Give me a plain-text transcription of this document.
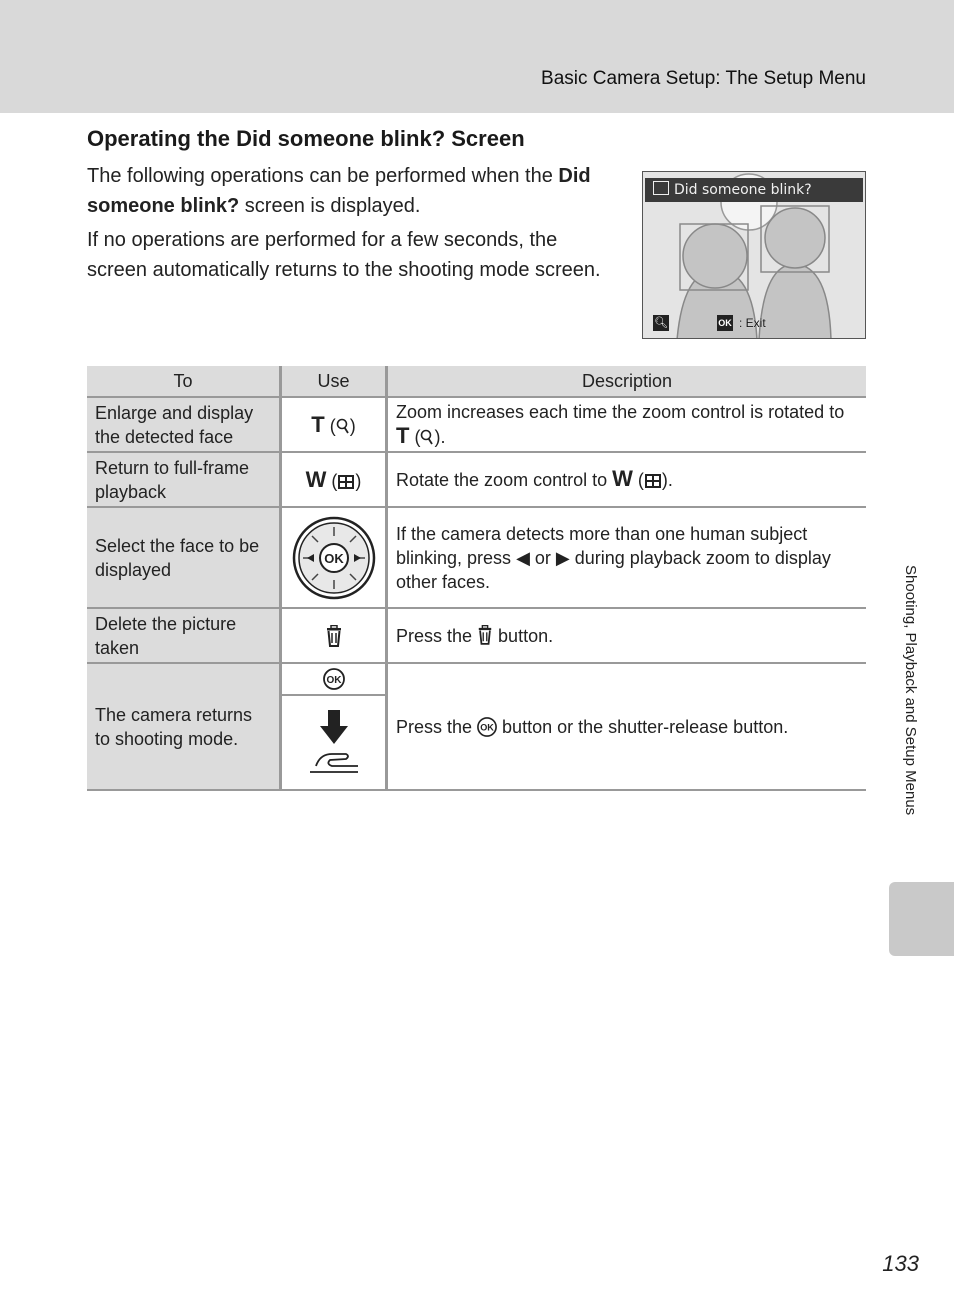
Basic Camera Setup: The Setup Menu
Operating the Did someone blink? Screen

The following operations can be performed when the Did someone blink? screen is displayed.

If no operations are performed for a few seconds, the screen automatically returns to the shooting mode screen.

Did someone blink?
🔍︎	OK : Exit
To	Use	Description
Enlarge and display the detected face	T ( )	Zoom increases each time the zoom control is rotated to T ( ).
Return to full-frame playback	W ( )	Rotate the zoom control to W ( ).
Select the face to be displayed	OK	If the camera detects more than one human subject blinking, press ◀ or ▶ during playback zoom to display other faces.
Delete the picture taken		Press the  button.
The camera returns to shooting mode.	OK	Press the OK button or the shutter-release button.	Shooting, Playback and Setup Menus
133
